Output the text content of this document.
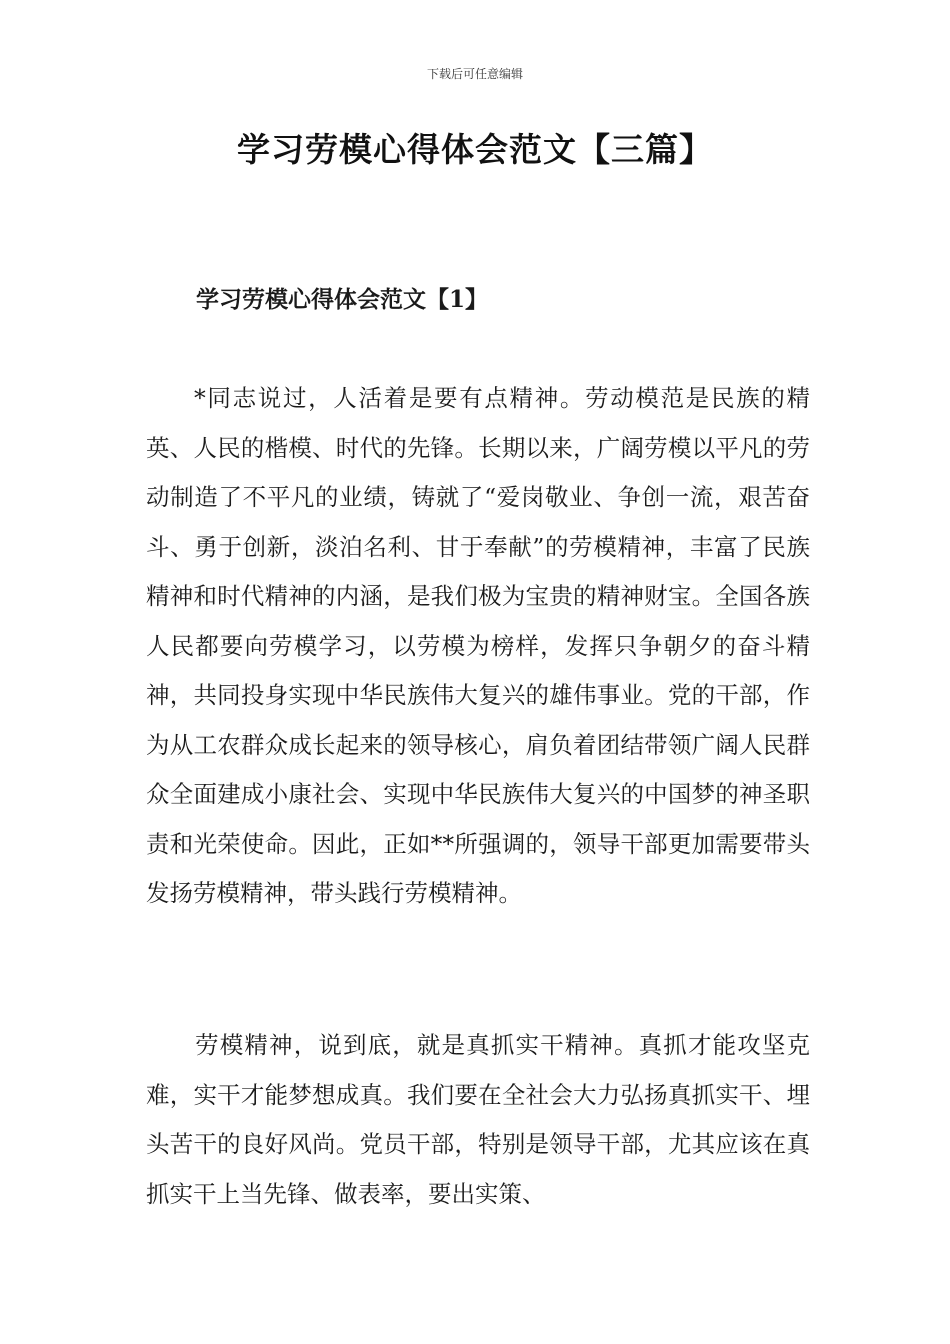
下载后可任意编辑
学习劳模心得体会范文【三篇】
学习劳模心得体会范文【1】

*同志说过，人活着是要有点精神。劳动模范是民族的精英、人民的楷模、时代的先锋。长期以来，广阔劳模以平凡的劳动制造了不平凡的业绩，铸就了“爱岗敬业、争创一流，艰苦奋斗、勇于创新，淡泊名利、甘于奉献”的劳模精神，丰富了民族精神和时代精神的内涵，是我们极为宝贵的精神财宝。全国各族人民都要向劳模学习，以劳模为榜样，发挥只争朝夕的奋斗精神，共同投身实现中华民族伟大复兴的雄伟事业。党的干部，作为从工农群众成长起来的领导核心，肩负着团结带领广阔人民群众全面建成小康社会、实现中华民族伟大复兴的中国梦的神圣职责和光荣使命。因此，正如**所强调的，领导干部更加需要带头发扬劳模精神，带头践行劳模精神。

劳模精神，说到底，就是真抓实干精神。真抓才能攻坚克难，实干才能梦想成真。我们要在全社会大力弘扬真抓实干、埋头苦干的良好风尚。党员干部，特别是领导干部，尤其应该在真抓实干上当先锋、做表率，要出实策、
